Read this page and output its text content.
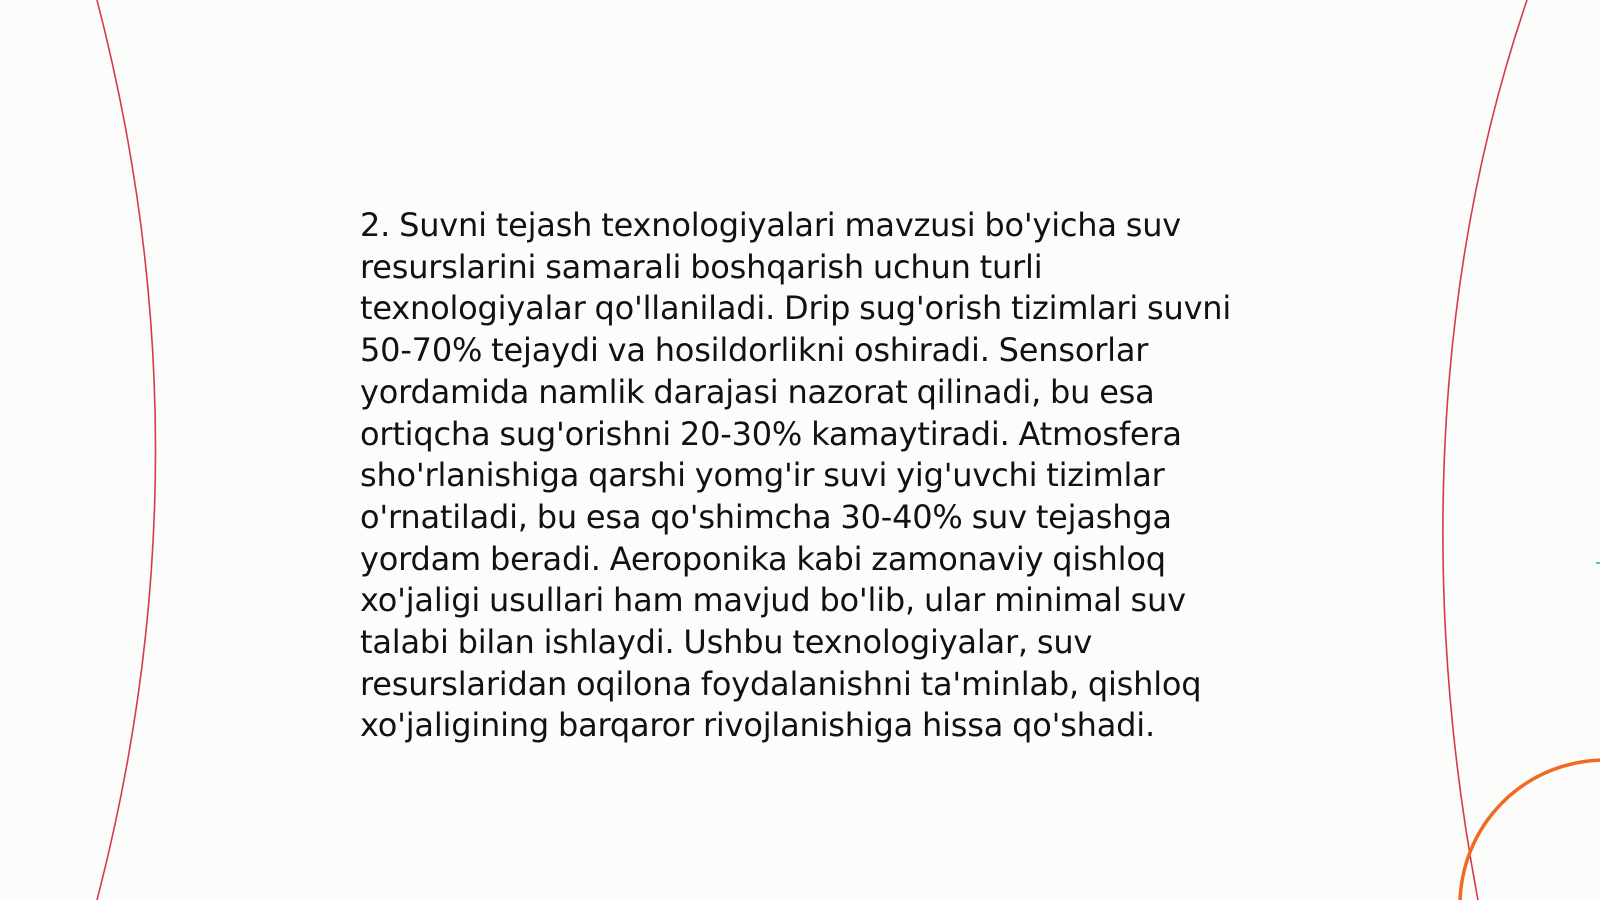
2. Suvni tejash texnologiyalari mavzusi bo'yicha suv resurslarini samarali boshqarish uchun turli texnologiyalar qo'llaniladi. Drip sug'orish tizimlari suvni 50-70% tejaydi va hosildorlikni oshiradi. Sensorlar yordamida namlik darajasi nazorat qilinadi, bu esa ortiqcha sug'orishni 20-30% kamaytiradi. Atmosfera sho'rlanishiga qarshi yomg'ir suvi yig'uvchi tizimlar o'rnatiladi, bu esa qo'shimcha 30-40% suv tejashga yordam beradi. Aeroponika kabi zamonaviy qishloq xo'jaligi usullari ham mavjud bo'lib, ular minimal suv talabi bilan ishlaydi. Ushbu texnologiyalar, suv resurslaridan oqilona foydalanishni ta'minlab, qishloq xo'jaligining barqaror rivojlanishiga hissa qo'shadi.
